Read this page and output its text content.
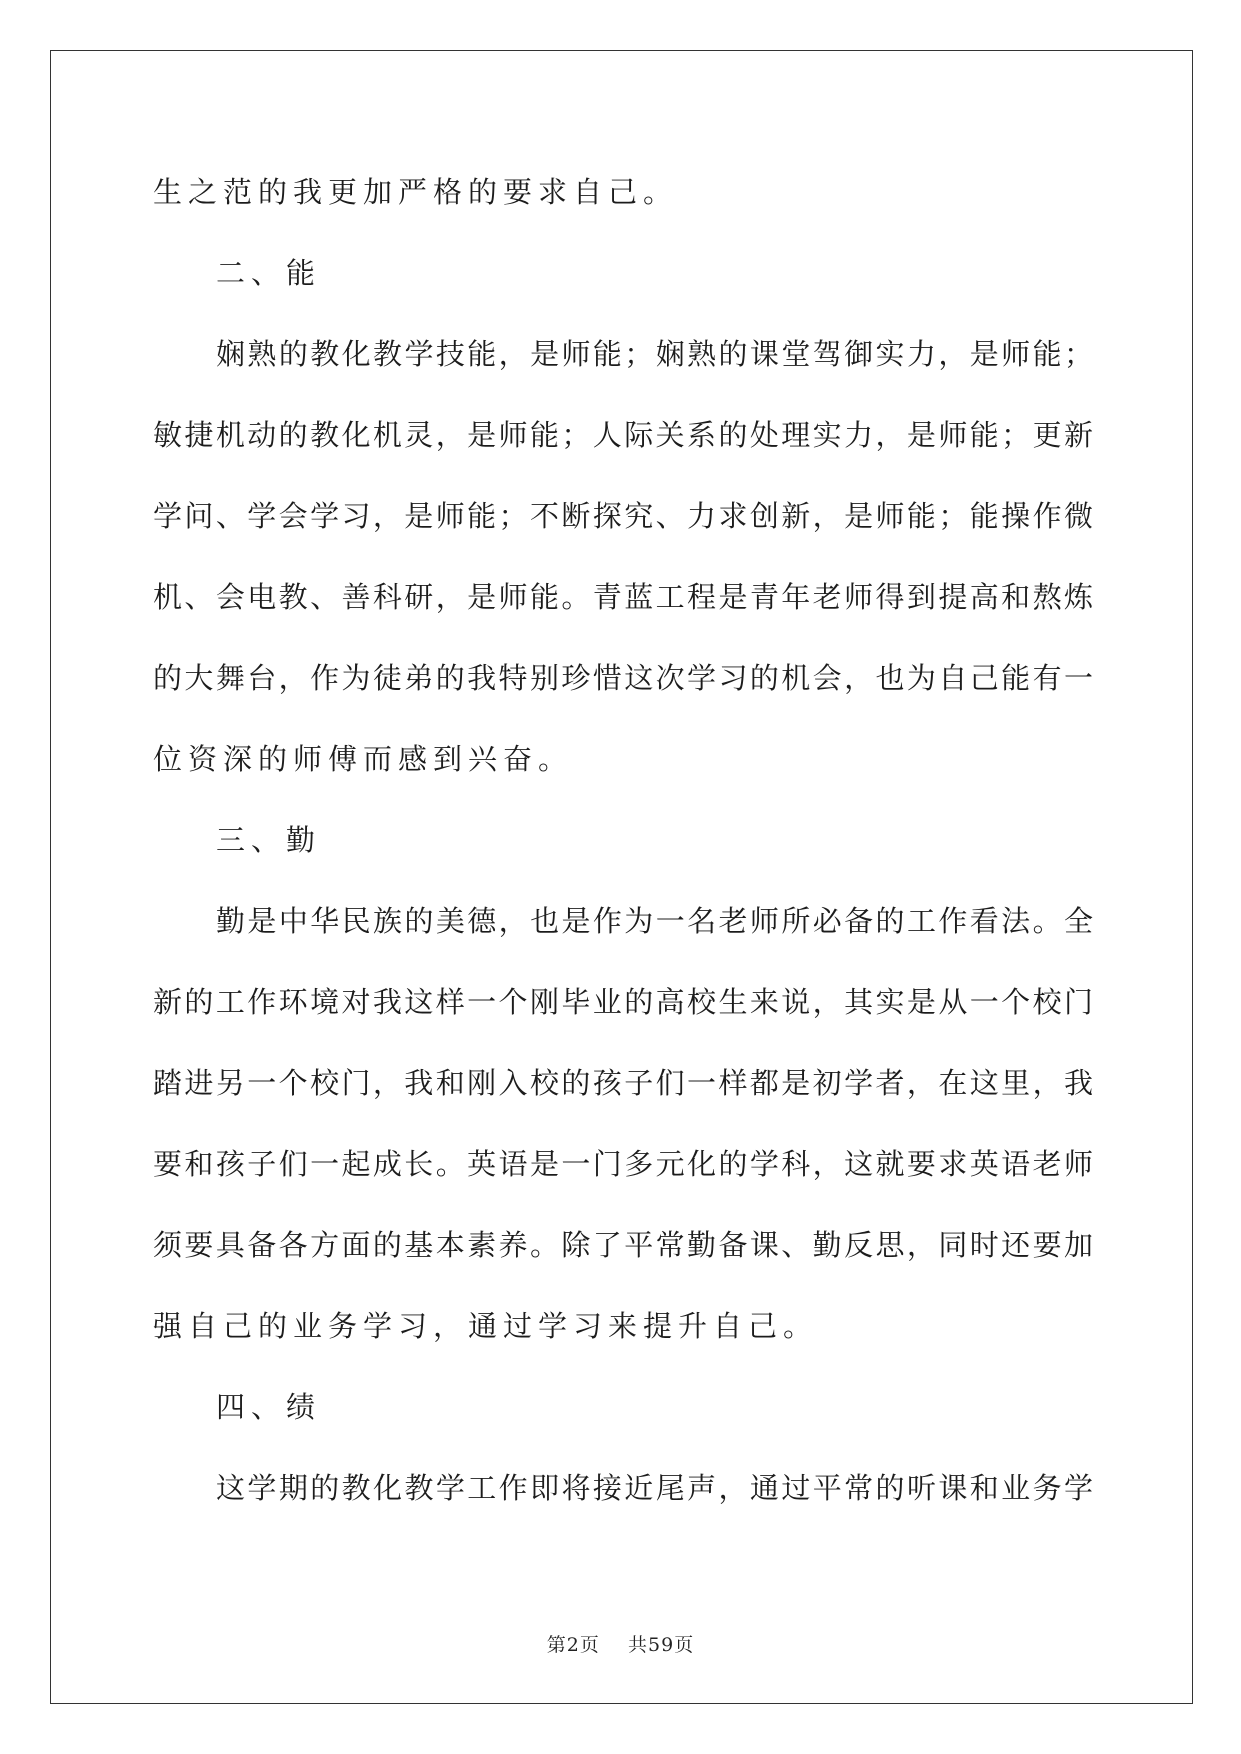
生之范的我更加严格的要求自己。
二、能
娴熟的教化教学技能，是师能；娴熟的课堂驾御实力，是师能；
敏捷机动的教化机灵，是师能；人际关系的处理实力，是师能；更新
学问、学会学习，是师能；不断探究、力求创新，是师能；能操作微
机、会电教、善科研，是师能。青蓝工程是青年老师得到提高和熬炼
的大舞台，作为徒弟的我特别珍惜这次学习的机会，也为自己能有一
位资深的师傅而感到兴奋。
三、勤
勤是中华民族的美德，也是作为一名老师所必备的工作看法。全
新的工作环境对我这样一个刚毕业的高校生来说，其实是从一个校门
踏进另一个校门，我和刚入校的孩子们一样都是初学者，在这里，我
要和孩子们一起成长。英语是一门多元化的学科，这就要求英语老师
须要具备各方面的基本素养。除了平常勤备课、勤反思，同时还要加
强自己的业务学习，通过学习来提升自己。
四、绩
这学期的教化教学工作即将接近尾声，通过平常的听课和业务学
第2页 共59页
